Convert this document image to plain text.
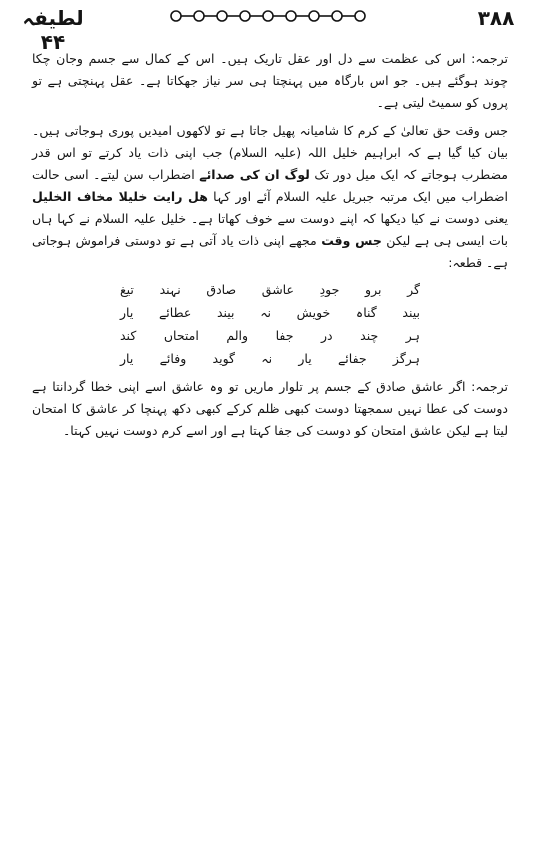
۳۸۸
لطیفہ ۴۴

ترجمہ: اس کی عظمت سے دل اور عقل تاریک ہیں۔ اس کے کمال سے جسم وجان چکا چوند ہوگئے ہیں۔ جو اس بارگاہ میں پہنچتا ہی سر نیاز جھکاتا ہے۔ عقل پہنچتی ہے تو پروں کو سمیٹ لیتی ہے۔

جس وقت حق تعالیٰ کے کرم کا شامیانہ پھیل جاتا ہے تو لاکھوں امیدیں پوری ہوجاتی ہیں۔ بیان کیا گیا ہے کہ ابراہیم خلیل اللہ (علیہ السلام) جب اپنی ذات یاد کرتے تو اس قدر مضطرب ہوجاتے کہ ایک میل دور تک لوگ ان کی صدائے اضطراب سن لیتے۔ اسی حالت اضطراب میں ایک مرتبہ جبریل علیہ السلام آئے اور کہا هل رایت خلیلا مخاف الخلیل یعنی دوست نے کیا دیکھا کہ اپنے دوست سے خوف کھاتا ہے۔ خلیل علیہ السلام نے کہا ہاں بات ایسی ہی ہے لیکن جس وقت مجھے اپنی ذات یاد آتی ہے تو دوستی فراموش ہوجاتی ہے۔ قطعہ:

گر برو جودِ عاشق صادق نہند تیغ
بیند گناہ خویش نہ بیند عطائے یار
ہر چند در جفا والم امتحاں کند
ہرگز جفائے یار نہ گوید وفائے یار

ترجمہ: اگر عاشق صادق کے جسم پر تلوار ماریں تو وہ عاشق اسے اپنی خطا گردانتا ہے دوست کی عطا نہیں سمجھتا دوست کبھی ظلم کرکے کبھی دکھ پہنچا کر عاشق کا امتحان لیتا ہے لیکن عاشق امتحان کو دوست کی جفا کہتا ہے اور اسے کرم دوست نہیں کہتا۔
